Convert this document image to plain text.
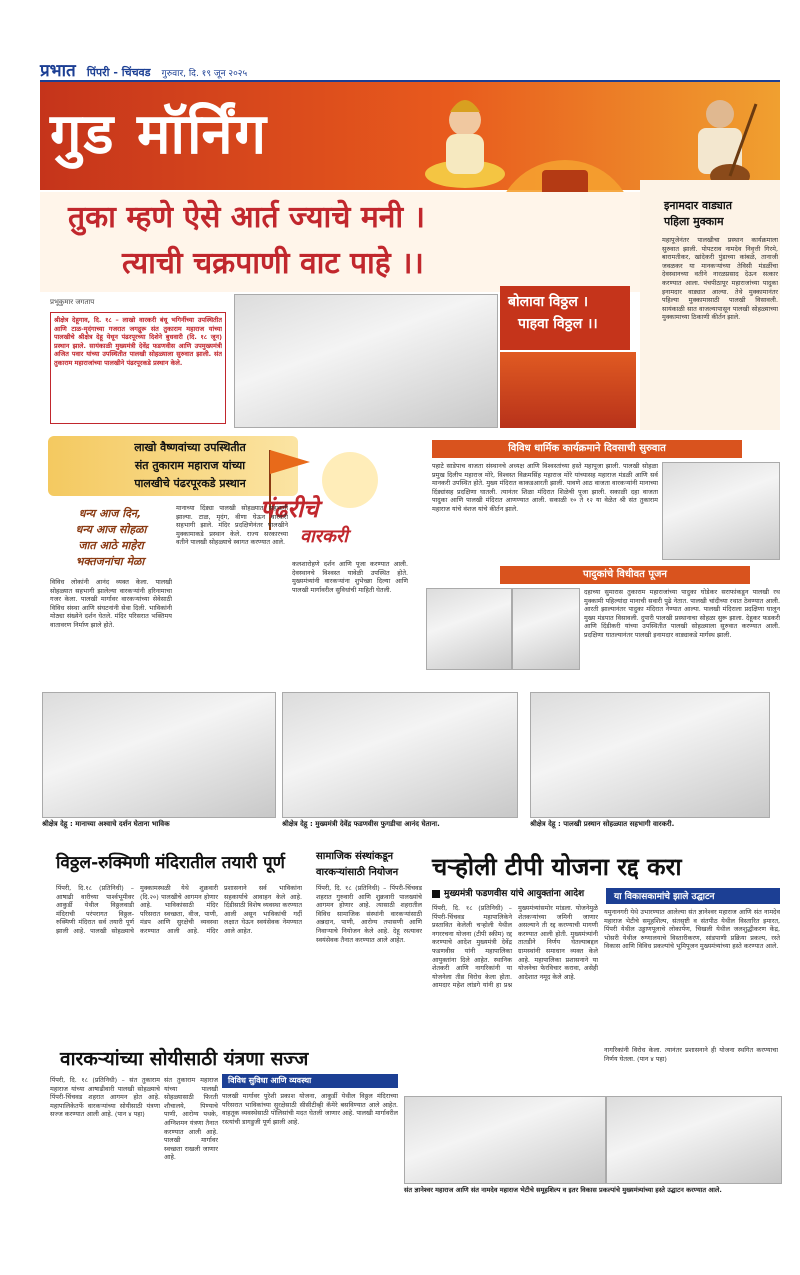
प्रभात पिंपरी - चिंचवड गुरुवार, दि. १९ जून २०२५
गुड मॉर्निंग
तुका म्हणे ऐसे आर्त ज्याचे मनी ।
त्याची चक्रपाणी वाट पाहे ।।
इनामदार वाड्यात
पहिला मुक्काम
महापूजेनंतर पालखीचा प्रस्थान कार्यक्रमाला सुरुवात झाली. पोपटराव नामदेव निवृत्ती गिरमे, बारामतीकर, खांदेकरी पुंडाच्या कांबळे, तानाजी जवळकर या मानकऱ्यांच्या तेविसी मंडळींचा देवस्थानच्या वतीने नारळप्रसाद देऊन सत्कार करण्यात आला. पंचपीठापूर महाराजांच्या पादुका इनामदार वाड्यात आल्या. तेथे मुक्कामानंतर पहिल्या मुक्कामासाठी पालखी विसावली. सायंकाळी सात वाजल्यापासून पालखी सोहळ्याच्या मुक्कामाच्या ठिकाणी कीर्तन झाले.
प्रभूकुमार जगताप
श्रीक्षेत्र देहूगाव, दि. १८ – लाखो वारकरी बंधू भगिनींच्या उपस्थितीत आणि टाळ-मृदंगाच्या गजरात जगद्गुरू संत तुकाराम महाराज यांच्या पालखीचे श्रीक्षेत्र देहू येथून पंढरपूरच्या दिशेने बुधवारी (दि. १८ जून) प्रस्थान झाले. सायंकाळी मुख्यमंत्री देवेंद्र फडणवीस आणि उपमुख्यमंत्री अजित पवार यांच्या उपस्थितीत पालखी सोहळ्याला सुरुवात झाली. संत तुकाराम महाराजांच्या पालखीने पंढरपूरकडे प्रस्थान केले.
बोलावा विठ्ठल ।
पाहवा विठ्ठल ।।
लाखो वैष्णवांच्या उपस्थितीत
संत तुकाराम महाराज यांच्या
पालखीचे पंढरपूरकडे प्रस्थान
धन्य आज दिन,
धन्य आज सोहळा
जात आठे माहेरा
भक्तजनांचा मेळा
पंढरीचे
वारकरी
विविध लोकांनी आनंद व्यक्त केला. पालखी सोहळ्यात सहभागी झालेल्या वारकऱ्यांनी हरिनामाचा गजर केला. पालखी मार्गावर वारकऱ्यांच्या सेवेसाठी विविध संस्था आणि संघटनांनी सेवा दिली. भाविकांनी मोठ्या संख्येने दर्शन घेतले. मंदिर परिसरात भक्तिमय वातावरण निर्माण झाले होते.
मानाच्या दिंड्या पालखी सोहळ्यात सहभागी झाल्या. टाळ, मृदंग, वीणा घेऊन वारकरी सहभागी झाले. मंदिर प्रदक्षिणेनंतर पालखीने मुक्कामाकडे प्रस्थान केले. राज्य सरकारच्या वतीने पालखी सोहळ्याचे स्वागत करण्यात आले.
कलशारोहणे दर्शन आणि पूजा करण्यात आली. देवस्थानचे विश्वस्त यावेळी उपस्थित होते. मुख्यमंत्र्यांनी वारकऱ्यांना शुभेच्छा दिल्या आणि पालखी मार्गावरील सुविधांची माहिती घेतली.
विविध धार्मिक कार्यक्रमाने दिवसाची सुरुवात
पहाटे साडेपाच वाजता संस्थानचे अध्यक्ष आणि विश्वस्तांच्या हस्ते महापूजा झाली. पालखी सोहळा प्रमुख दिलीप महाराज मोरे, विश्वस्त विक्रमसिंह महाराज मोरे यांच्यासह महाराज मंडळी आणि सर्व मानकरी उपस्थित होते. मुख्य मंदिरात काकडआरती झाली. पावणे आठ वाजता वारकऱ्यांनी मानाच्या दिंड्यांसह प्रदक्षिणा घातली. त्यानंतर शिळा मंदिरात शिळेची पूजा झाली. सकाळी दहा वाजता पादुका आणि पालखी मंदिरात आणण्यात आली. सकाळी १० ते १२ या वेळेत श्री संत तुकाराम महाराज यांचे वंशज यांचे कीर्तन झाले.
पादुकांचे विधीवत पूजन
दहाच्या सुमारास तुकाराम महाराजांच्या पादुका घोडेकर सराफांकडून पालखी रथ मुक्कामी पहिल्यांदा मानाची सवारी पुढे नेतात. पालखी चांदीच्या रथात ठेवण्यात आली. आरती झाल्यानंतर पादुका मंदिरात नेण्यात आल्या. पालखी मंदिराला प्रदक्षिणा घालून मुख्य मंडपात विसावली. दुपारी पालखी प्रस्थानाचा सोहळा सुरू झाला. देहूकर फडकरी आणि दिंडीकरी यांच्या उपस्थितीत पालखी सोहळ्याला सुरुवात करण्यात आली. प्रदक्षिणा घातल्यानंतर पालखी इनामदार वाड्याकडे मार्गस्थ झाली.
श्रीक्षेत्र देहू : मानाच्या अश्वाचे दर्शन घेताना भाविक	श्रीक्षेत्र देहू : मुख्यमंत्री देवेंद्र फडणवीस फुगडीचा आनंद घेताना.	श्रीक्षेत्र देहू : पालखी प्रस्थान सोहळ्यात सहभागी वारकरी.
विठ्ठल-रुक्मिणी मंदिरातील तयारी पूर्ण
पिंपरी, दि.१८ (प्रतिनिधी) – आषाढी वारीच्या पार्श्वभूमीवर आकुर्डी येथील विठ्ठलवाडी मंदिराची परंपरागत विठ्ठल-रुक्मिणी मंदिरात सर्व तयारी पूर्ण झाली आहे. पालखी सोहळ्याचे मुक्कामस्थळी येथे शुक्रवारी (दि.२०) पालखीचे आगमन होणार आहे. भाविकांसाठी मंदिर परिसरात स्वच्छता, वीज, पाणी, मंडप आणि सुरक्षेची व्यवस्था करण्यात आली आहे. मंदिर प्रशासनाने सर्व भाविकांना सहकार्याचे आवाहन केले आहे. दिंडीसाठी विशेष व्यवस्था करण्यात आली असून भाविकांची गर्दी लक्षात घेऊन स्वयंसेवक नेमण्यात आले आहेत.
सामाजिक संस्थांकडून
वारकऱ्यांसाठी नियोजन
पिंपरी, दि. १८ (प्रतिनिधी) – पिंपरी-चिंचवड शहरात गुरुवारी आणि शुक्रवारी पालख्यांचे आगमन होणार आहे. त्यासाठी शहरातील विविध सामाजिक संस्थांनी वारकऱ्यांसाठी अन्नदान, पाणी, आरोग्य तपासणी आणि निवाऱ्याचे नियोजन केले आहे. देहू रस्त्यावर स्वयंसेवक तैनात करण्यात आले आहेत.
चऱ्होली टीपी योजना रद्द करा
मुख्यमंत्री फडणवीस यांचे आयुक्तांना आदेश
पिंपरी, दि. १८ (प्रतिनिधी) – पिंपरी-चिंचवड महापालिकेने प्रस्तावित केलेली चऱ्होली येथील नगररचना योजना (टीपी स्कीम) रद्द करण्याचे आदेश मुख्यमंत्री देवेंद्र फडणवीस यांनी महापालिका आयुक्तांना दिले आहेत. स्थानिक शेतकरी आणि नागरिकांनी या योजनेला तीव्र विरोध केला होता. आमदार महेश लांडगे यांनी हा प्रश्न मुख्यमंत्र्यांसमोर मांडला. योजनेमुळे शेतकऱ्यांच्या जमिनी जाणार असल्याने ती रद्द करण्याची मागणी करण्यात आली होती. मुख्यमंत्र्यांनी तातडीने निर्णय घेतल्याबद्दल ग्रामस्थांनी समाधान व्यक्त केले आहे. महापालिका प्रशासनाने या योजनेचा फेरविचार करावा, असेही आदेशात नमूद केले आहे.
या विकासकामांचे झाले उद्घाटन
यमुनानगरी येथे उभारण्यात आलेल्या संत ज्ञानेश्वर महाराज आणि संत नामदेव महाराज भेटीचे समूहशिल्प, संतसृष्टी व संतपीठ येथील विस्तारित इमारत, पिंपरी येथील उड्डाणपूलाचे लोकार्पण, चिखली येथील जलशुद्धीकरण केंद्र, भोसरी येथील रुग्णालयाचे विस्तारीकरण, सांडपाणी प्रक्रिया प्रकल्प, रस्ते विकास आणि विविध प्रकल्पांचे भूमिपूजन मुख्यमंत्र्यांच्या हस्ते करण्यात आले.
वारकऱ्यांच्या सोयीसाठी यंत्रणा सज्ज
पिंपरी, दि. १८ (प्रतिनिधी) – संत तुकाराम महाराज यांच्या आषाढीवारी पालखी सोहळ्याचे पिंपरी-चिंचवड शहरात आगमन होत आहे. महापालिकेतर्फे वारकऱ्यांच्या सोयीसाठी यंत्रणा सज्ज करण्यात आली आहे. (पान ४ पहा)
संत तुकाराम महाराज यांच्या पालखी सोहळ्यासाठी फिरती शौचालये, पिण्याचे पाणी, आरोग्य पथके, अग्निशमन यंत्रणा तैनात करण्यात आली आहे. पालखी मार्गावर स्वच्छता राखली जाणार आहे.
विविध सुविधा आणि व्यवस्था
पालखी मार्गावर पुरेशी प्रकाश योजना, आकुर्डी येथील विठ्ठल मंदिराच्या परिसरात भाविकांच्या सुरक्षेसाठी सीसीटीव्ही कॅमेरे बसविण्यात आले आहेत. वाहतूक व्यवस्थेसाठी पोलिसांची मदत घेतली जाणार आहे. पालखी मार्गावरील रस्त्यांची डागडुजी पूर्ण झाली आहे.
नागरिकांनी विरोध केला. त्यानंतर प्रशासनाने ही योजना स्थगित करण्याचा निर्णय घेतला. (पान ४ पहा)
संत ज्ञानेश्वर महाराज आणि संत नामदेव महाराज भेटीचे समूहशिल्प व इतर विकास प्रकल्पांचे मुख्यमंत्र्यांच्या हस्ते उद्घाटन करण्यात आले.
